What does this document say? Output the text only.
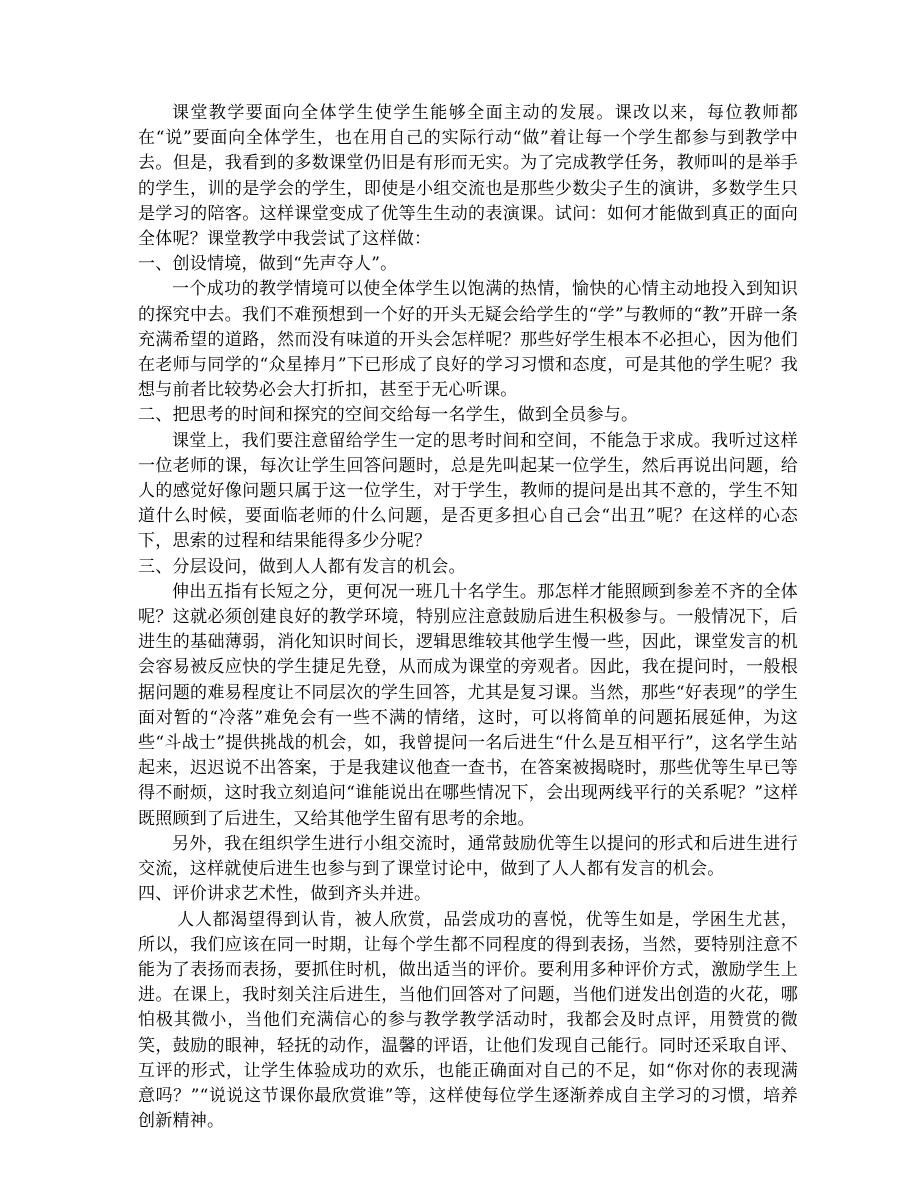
课堂教学要面向全体学生使学生能够全面主动的发展。课改以来，每位教师都在“说”要面向全体学生，也在用自己的实际行动“做”着让每一个学生都参与到教学中去。但是，我看到的多数课堂仍旧是有形而无实。为了完成教学任务，教师叫的是举手的学生，训的是学会的学生，即使是小组交流也是那些少数尖子生的演讲，多数学生只是学习的陪客。这样课堂变成了优等生生动的表演课。试问：如何才能做到真正的面向全体呢？课堂教学中我尝试了这样做：

一、创设情境，做到“先声夺人”。

一个成功的教学情境可以使全体学生以饱满的热情，愉快的心情主动地投入到知识的探究中去。我们不难预想到一个好的开头无疑会给学生的“学”与教师的“教”开辟一条充满希望的道路，然而没有味道的开头会怎样呢？那些好学生根本不必担心，因为他们在老师与同学的“众星捧月”下已形成了良好的学习习惯和态度，可是其他的学生呢？我想与前者比较势必会大打折扣，甚至于无心听课。

二、把思考的时间和探究的空间交给每一名学生，做到全员参与。

课堂上，我们要注意留给学生一定的思考时间和空间，不能急于求成。我听过这样一位老师的课，每次让学生回答问题时，总是先叫起某一位学生，然后再说出问题，给人的感觉好像问题只属于这一位学生，对于学生，教师的提问是出其不意的，学生不知道什么时候，要面临老师的什么问题，是否更多担心自己会“出丑”呢？在这样的心态下，思索的过程和结果能得多少分呢？

三、分层设问，做到人人都有发言的机会。

伸出五指有长短之分，更何况一班几十名学生。那怎样才能照顾到参差不齐的全体呢？这就必须创建良好的教学环境，特别应注意鼓励后进生积极参与。一般情况下，后进生的基础薄弱，消化知识时间长，逻辑思维较其他学生慢一些，因此，课堂发言的机会容易被反应快的学生捷足先登，从而成为课堂的旁观者。因此，我在提问时，一般根据问题的难易程度让不同层次的学生回答，尤其是复习课。当然，那些“好表现”的学生面对暂的“冷落”难免会有一些不满的情绪，这时，可以将简单的问题拓展延伸，为这些“斗战士”提供挑战的机会，如，我曾提问一名后进生“什么是互相平行”，这名学生站起来，迟迟说不出答案，于是我建议他查一查书，在答案被揭晓时，那些优等生早已等得不耐烦，这时我立刻追问“谁能说出在哪些情况下，会出现两线平行的关系呢？”这样既照顾到了后进生，又给其他学生留有思考的余地。

另外，我在组织学生进行小组交流时，通常鼓励优等生以提问的形式和后进生进行交流，这样就使后进生也参与到了课堂讨论中，做到了人人都有发言的机会。

四、评价讲求艺术性，做到齐头并进。

人人都渴望得到认肯，被人欣赏，品尝成功的喜悦，优等生如是，学困生尤甚，所以，我们应该在同一时期，让每个学生都不同程度的得到表扬，当然，要特别注意不能为了表扬而表扬，要抓住时机，做出适当的评价。要利用多种评价方式，激励学生上进。在课上，我时刻关注后进生，当他们回答对了问题，当他们迸发出创造的火花，哪怕极其微小，当他们充满信心的参与教学教学活动时，我都会及时点评，用赞赏的微笑，鼓励的眼神，轻抚的动作，温馨的评语，让他们发现自己能行。同时还采取自评、互评的形式，让学生体验成功的欢乐，也能正确面对自己的不足，如“你对你的表现满意吗？”“说说这节课你最欣赏谁”等，这样使每位学生逐渐养成自主学习的习惯，培养创新精神。
